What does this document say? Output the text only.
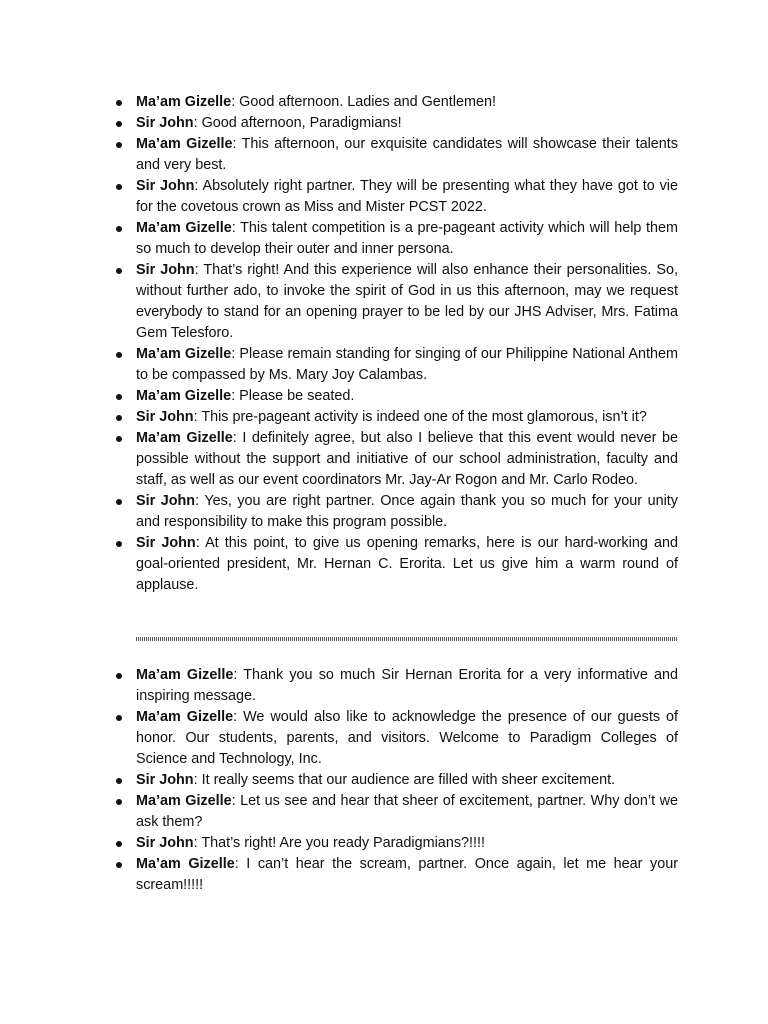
Ma’am Gizelle: Good afternoon. Ladies and Gentlemen!
Sir John: Good afternoon, Paradigmians!
Ma’am Gizelle: This afternoon, our exquisite candidates will showcase their talents and very best.
Sir John: Absolutely right partner. They will be presenting what they have got to vie for the covetous crown as Miss and Mister PCST 2022.
Ma’am Gizelle: This talent competition is a pre-pageant activity which will help them so much to develop their outer and inner persona.
Sir John: That’s right! And this experience will also enhance their personalities. So, without further ado, to invoke the spirit of God in us this afternoon, may we request everybody to stand for an opening prayer to be led by our JHS Adviser, Mrs. Fatima Gem Telesforo.
Ma’am Gizelle: Please remain standing for singing of our Philippine National Anthem to be compassed by Ms. Mary Joy Calambas.
Ma’am Gizelle: Please be seated.
Sir John: This pre-pageant activity is indeed one of the most glamorous, isn’t it?
Ma’am Gizelle: I definitely agree, but also I believe that this event would never be possible without the support and initiative of our school administration, faculty and staff, as well as our event coordinators Mr. Jay-Ar Rogon and Mr. Carlo Rodeo.
Sir John: Yes, you are right partner. Once again thank you so much for your unity and responsibility to make this program possible.
Sir John: At this point, to give us opening remarks, here is our hard-working and goal-oriented president, Mr. Hernan C. Erorita. Let us give him a warm round of applause.
Ma’am Gizelle: Thank you so much Sir Hernan Erorita for a very informative and inspiring message.
Ma’am Gizelle: We would also like to acknowledge the presence of our guests of honor. Our students, parents, and visitors. Welcome to Paradigm Colleges of Science and Technology, Inc.
Sir John: It really seems that our audience are filled with sheer excitement.
Ma’am Gizelle: Let us see and hear that sheer of excitement, partner. Why don’t we ask them?
Sir John: That’s right! Are you ready Paradigmians?!!!!
Ma’am Gizelle: I can’t hear the scream, partner. Once again, let me hear your scream!!!!!
